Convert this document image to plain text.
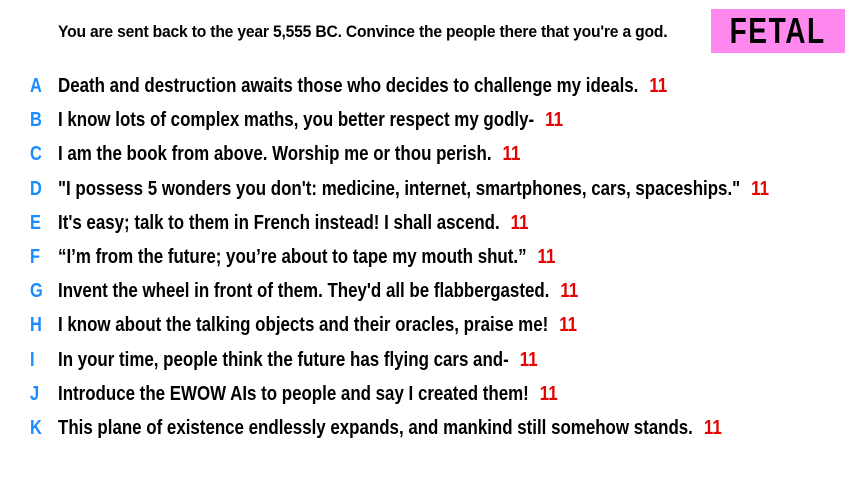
You are sent back to the year 5,555 BC. Convince the people there that you're a god. FETAL
A Death and destruction awaits those who decides to challenge my ideals. 11
B I know lots of complex maths, you better respect my godly- 11
C I am the book from above. Worship me or thou perish. 11
D "I possess 5 wonders you don't: medicine, internet, smartphones, cars, spaceships." 11
E It's easy; talk to them in French instead! I shall ascend. 11
F “I’m from the future; you’re about to tape my mouth shut.” 11
G Invent the wheel in front of them. They'd all be flabbergasted. 11
H I know about the talking objects and their oracles, praise me! 11
I In your time, people think the future has flying cars and- 11
J Introduce the EWOW AIs to people and say I created them! 11
K This plane of existence endlessly expands, and mankind still somehow stands. 11
